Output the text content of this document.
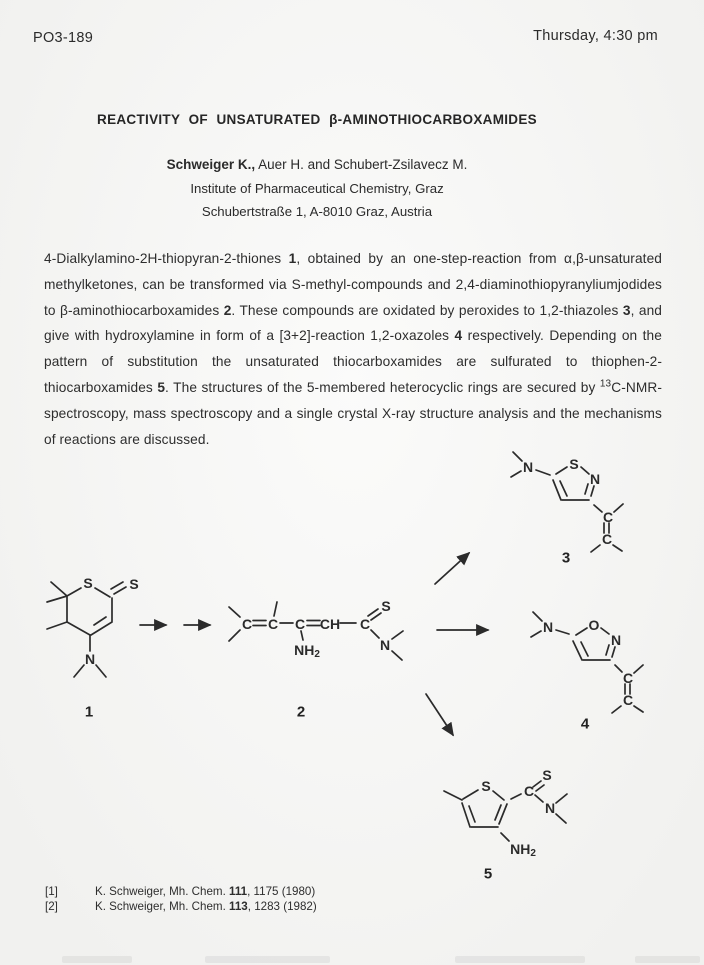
PO3-189	Thursday, 4:30 pm
REACTIVITY OF UNSATURATED β-AMINOTHIOCARBOXAMIDES

Schweiger K., Auer H. and Schubert-Zsilavecz M.

Institute of Pharmaceutical Chemistry, Graz

Schubertstraße 1, A-8010 Graz, Austria

4-Dialkylamino-2H-thiopyran-2-thiones 1, obtained by an one-step-reaction from α,β-unsaturated methylketones, can be transformed via S-methyl-compounds and 2,4-diaminothiopyranyliumjodides to β-aminothiocarboxamides 2. These compounds are oxidated by peroxides to 1,2-thiazoles 3, and give with hydroxylamine in form of a [3+2]-reaction 1,2-oxazoles 4 respectively. Depending on the pattern of substitution the unsaturated thiocarboxamides are sulfurated to thiophen-2-thiocarboxamides 5. The structures of the 5-membered heterocyclic rings are secured by $^{13}$C-NMR-spectroscopy, mass spectroscopy and a single crystal X-ray structure analysis and the mechanisms of reactions are discussed.

S	S
N
1
C C C CH C
S
N
$NH_2$
2
N	S
N
C
C
3
N	O
N
C
C
4
S C
S
N
$NH_2$
5
[1]	K. Schweiger, Mh. Chem. 111, 1175 (1980)
[2]	K. Schweiger, Mh. Chem. 113, 1283 (1982)
